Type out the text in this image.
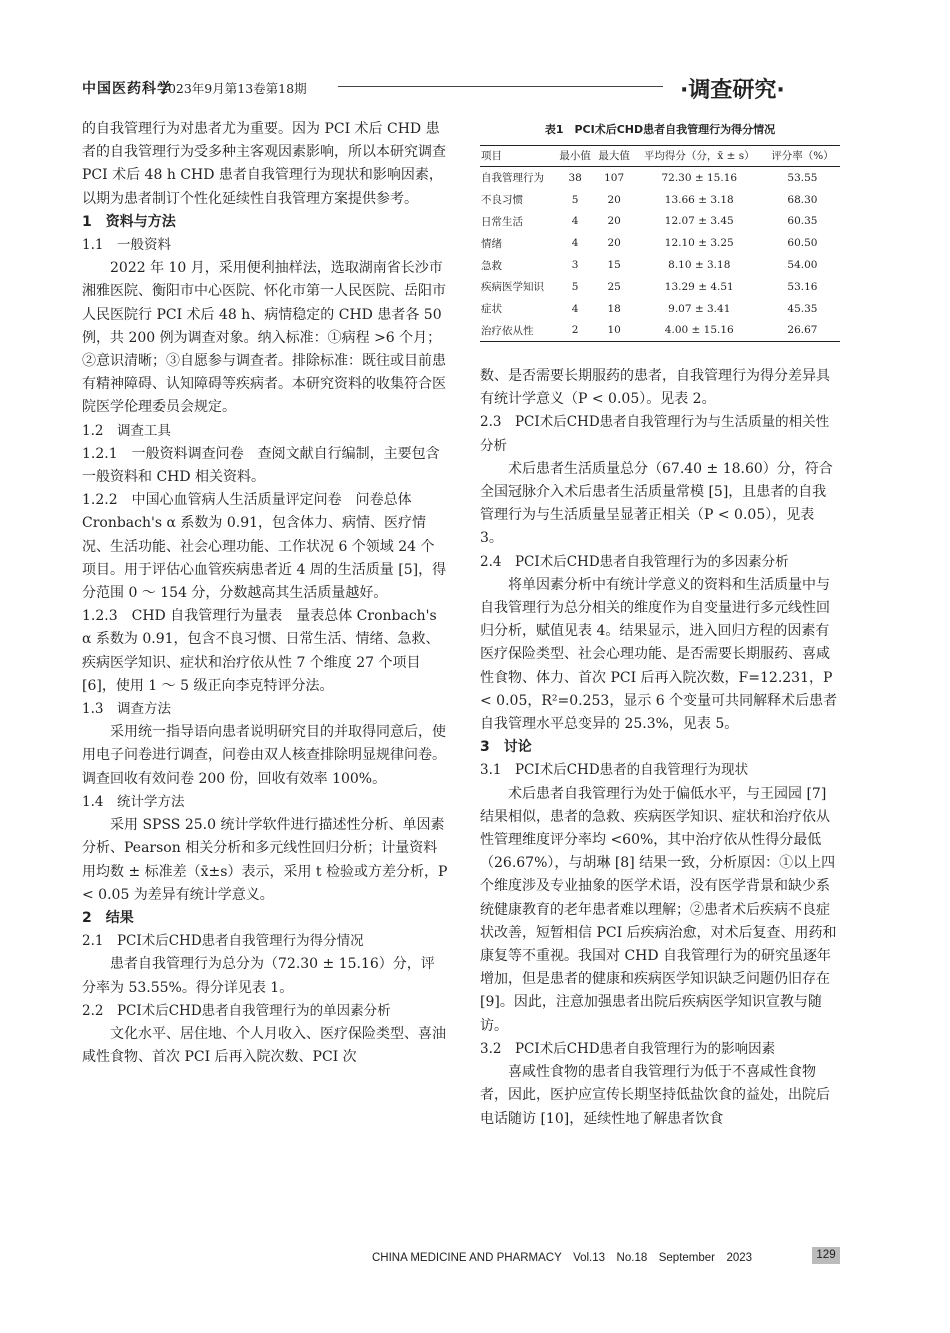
中国医药科学
2023年9月第13卷第18期	·调查研究·

的自我管理行为对患者尤为重要。因为 PCI 术后 CHD 患者的自我管理行为受多种主客观因素影响，所以本研究调查 PCI 术后 48 h CHD 患者自我管理行为现状和影响因素，以期为患者制订个性化延续性自我管理方案提供参考。

1　资料与方法

1.1　一般资料

2022 年 10 月，采用便利抽样法，选取湖南省长沙市湘雅医院、衡阳市中心医院、怀化市第一人民医院、岳阳市人民医院行 PCI 术后 48 h、病情稳定的 CHD 患者各 50 例，共 200 例为调查对象。纳入标准：①病程 >6 个月；②意识清晰；③自愿参与调查者。排除标准：既往或目前患有精神障碍、认知障碍等疾病者。本研究资料的收集符合医院医学伦理委员会规定。

1.2　调查工具

1.2.1　一般资料调查问卷　查阅文献自行编制，主要包含一般资料和 CHD 相关资料。

1.2.2　中国心血管病人生活质量评定问卷　问卷总体 Cronbach's α 系数为 0.91，包含体力、病情、医疗情况、生活功能、社会心理功能、工作状况 6 个领域 24 个项目。用于评估心血管疾病患者近 4 周的生活质量 [5]，得分范围 0 ～ 154 分，分数越高其生活质量越好。

1.2.3　CHD 自我管理行为量表　量表总体 Cronbach's α 系数为 0.91，包含不良习惯、日常生活、情绪、急救、疾病医学知识、症状和治疗依从性 7 个维度 27 个项目 [6]，使用 1 ～ 5 级正向李克特评分法。

1.3　调查方法

采用统一指导语向患者说明研究目的并取得同意后，使用电子问卷进行调查，问卷由双人核查排除明显规律问卷。调查回收有效问卷 200 份，回收有效率 100%。

1.4　统计学方法

采用 SPSS 25.0 统计学软件进行描述性分析、单因素分析、Pearson 相关分析和多元线性回归分析；计量资料用均数 ± 标准差（x̄±s）表示，采用 t 检验或方差分析，P < 0.05 为差异有统计学意义。

2　结果

2.1　PCI术后CHD患者自我管理行为得分情况

患者自我管理行为总分为（72.30 ± 15.16）分，评分率为 53.55%。得分详见表 1。

2.2　PCI术后CHD患者自我管理行为的单因素分析

文化水平、居住地、个人月收入、医疗保险类型、喜油咸性食物、首次 PCI 后再入院次数、PCI 次

表1　PCI术后CHD患者自我管理行为得分情况
项目	最小值	最大值	平均得分（分，x̄ ± s）	评分率（%）
自我管理行为	38	107	72.30 ± 15.16	53.55
不良习惯	5	20	13.66 ± 3.18	68.30
日常生活	4	20	12.07 ± 3.45	60.35
情绪	4	20	12.10 ± 3.25	60.50
急救	3	15	8.10 ± 3.18	54.00
疾病医学知识	5	25	13.29 ± 4.51	53.16
症状	4	18	9.07 ± 3.41	45.35
治疗依从性	2	10	4.00 ± 15.16	26.67

数、是否需要长期服药的患者，自我管理行为得分差异具有统计学意义（P < 0.05）。见表 2。

2.3　PCI术后CHD患者自我管理行为与生活质量的相关性分析

术后患者生活质量总分（67.40 ± 18.60）分，符合全国冠脉介入术后患者生活质量常模 [5]，且患者的自我管理行为与生活质量呈显著正相关（P < 0.05），见表 3。

2.4　PCI术后CHD患者自我管理行为的多因素分析

将单因素分析中有统计学意义的资料和生活质量中与自我管理行为总分相关的维度作为自变量进行多元线性回归分析，赋值见表 4。结果显示，进入回归方程的因素有医疗保险类型、社会心理功能、是否需要长期服药、喜咸性食物、体力、首次 PCI 后再入院次数，F=12.231，P < 0.05，R²=0.253，显示 6 个变量可共同解释术后患者自我管理水平总变异的 25.3%，见表 5。

3　讨论

3.1　PCI术后CHD患者的自我管理行为现状

术后患者自我管理行为处于偏低水平，与王园园 [7] 结果相似，患者的急救、疾病医学知识、症状和治疗依从性管理维度评分率均 <60%，其中治疗依从性得分最低（26.67%），与胡琳 [8] 结果一致，分析原因：①以上四个维度涉及专业抽象的医学术语，没有医学背景和缺少系统健康教育的老年患者难以理解；②患者术后疾病不良症状改善，短暂相信 PCI 后疾病治愈，对术后复查、用药和康复等不重视。我国对 CHD 自我管理行为的研究虽逐年增加，但是患者的健康和疾病医学知识缺乏问题仍旧存在 [9]。因此，注意加强患者出院后疾病医学知识宣教与随访。

3.2　PCI术后CHD患者自我管理行为的影响因素

喜咸性食物的患者自我管理行为低于不喜咸性食物者，因此，医护应宣传长期坚持低盐饮食的益处，出院后电话随访 [10]，延续性地了解患者饮食

CHINA MEDICINE AND PHARMACY　Vol.13　No.18　September　2023	129
